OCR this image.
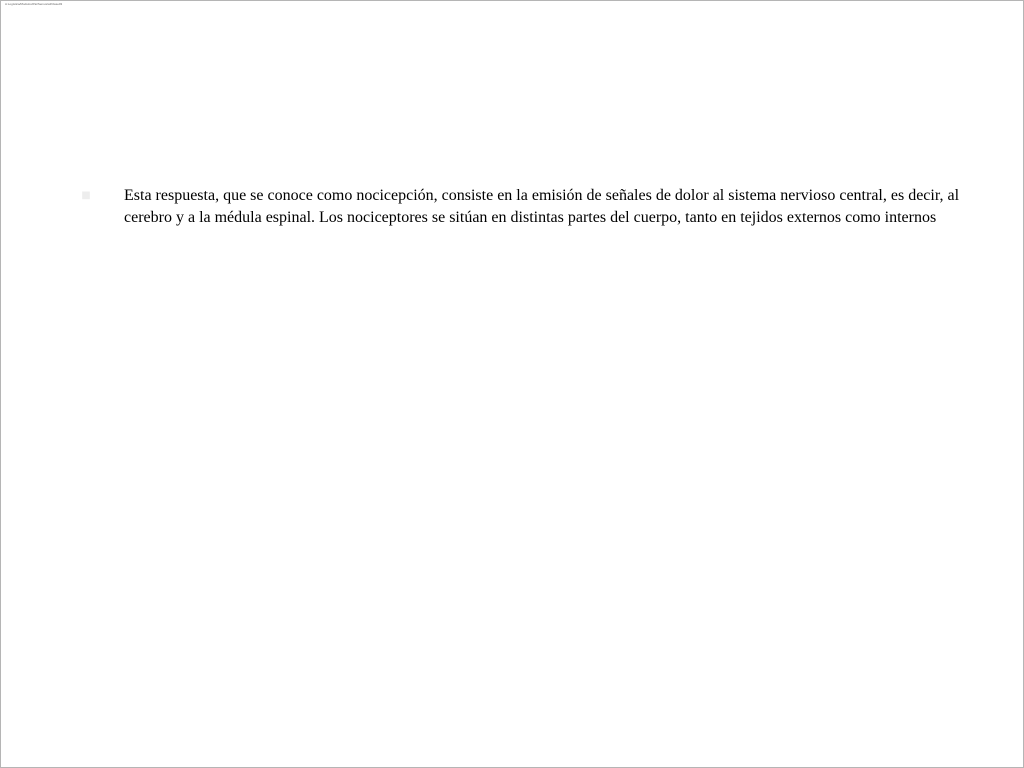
A:Logistica/Modulos/Pai/Sensorial/Clase03
■ Esta respuesta, que se conoce como nocicepción, consiste en la emisión de señales de dolor al sistema nervioso central, es decir, al cerebro y a la médula espinal. Los nociceptores se sitúan en distintas partes del cuerpo, tanto en tejidos externos como internos
